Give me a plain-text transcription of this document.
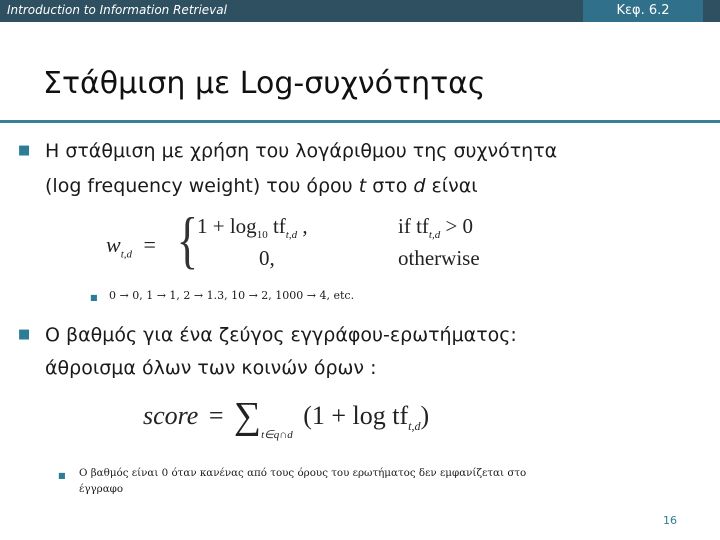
Introduction to Information Retrieval	Κεφ. 6.2
Στάθμιση με Log-συχνότητας
■ Η στάθμιση με χρήση του λογάριθμου της συχνότητα
(log frequency weight) του όρου t στο d είναι
$w_{t,d}$ = {
$1 + \log_{10} tf_{t,d}$ ,	if $tf_{t,d} > 0$
0,	otherwise
■ 0 → 0, 1 → 1, 2 → 1.3, 10 → 2, 1000 → 4, etc.
■ Ο βαθμός για ένα ζεύγος εγγράφου-ερωτήματος:
άθροισμα όλων των κοινών όρων :
score = $\sum_{t\in q\cap d}$ $(1 + \log tf_{t,d})$
■ Ο βαθμός είναι 0 όταν κανένας από τους όρους του ερωτήματος δεν εμφανίζεται στο
έγγραφο
16
